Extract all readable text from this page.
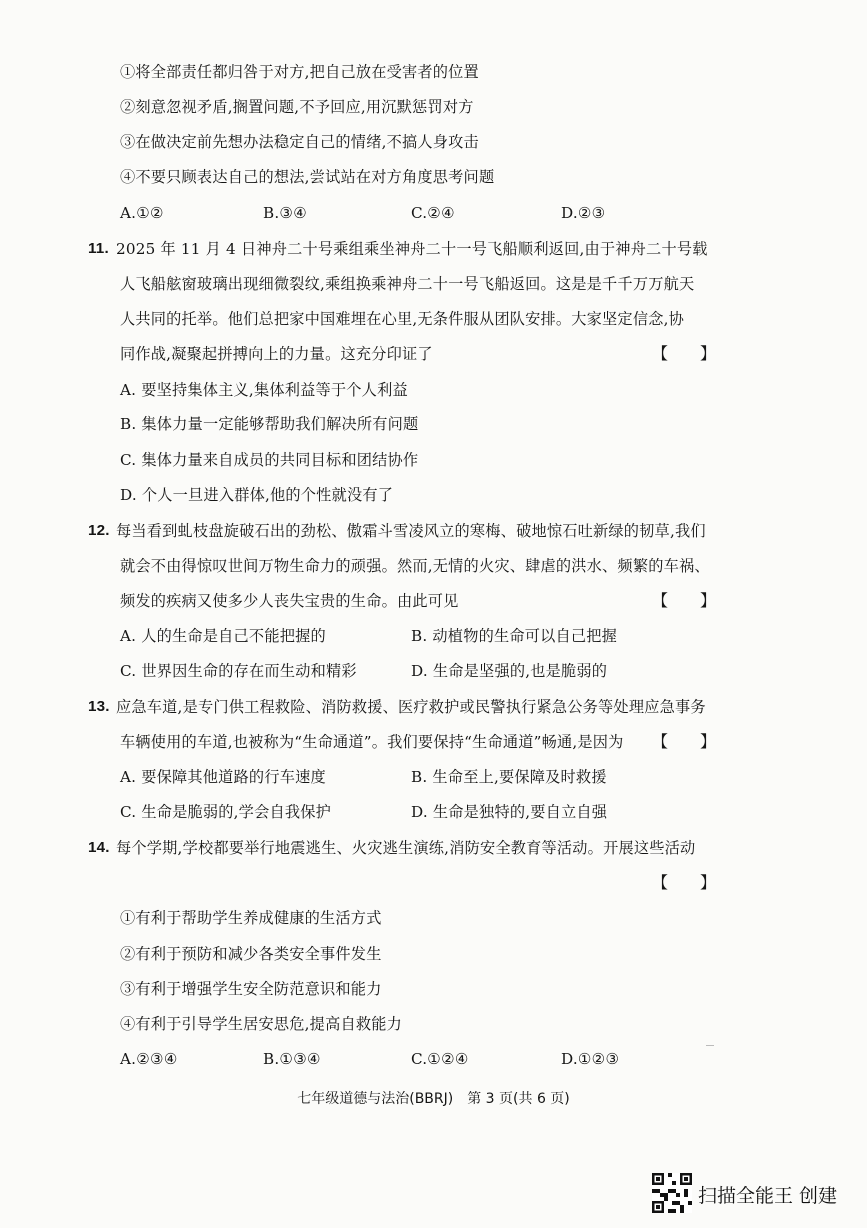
①将全部责任都归咎于对方,把自己放在受害者的位置
②刻意忽视矛盾,搁置问题,不予回应,用沉默惩罚对方
③在做决定前先想办法稳定自己的情绪,不搞人身攻击
④不要只顾表达自己的想法,尝试站在对方角度思考问题
A.①②	B.③④	C.②④	D.②③
11. 2025 年 11 月 4 日神舟二十号乘组乘坐神舟二十一号飞船顺利返回,由于神舟二十号载
人飞船舷窗玻璃出现细微裂纹,乘组换乘神舟二十一号飞船返回。这是是千千万万航天
人共同的托举。他们总把家中国难埋在心里,无条件服从团队安排。大家坚定信念,协
同作战,凝聚起拼搏向上的力量。这充分印证了	【　　】
A. 要坚持集体主义,集体利益等于个人利益
B. 集体力量一定能够帮助我们解决所有问题
C. 集体力量来自成员的共同目标和团结协作
D. 个人一旦进入群体,他的个性就没有了
12. 每当看到虬枝盘旋破石出的劲松、傲霜斗雪凌风立的寒梅、破地惊石吐新绿的韧草,我们
就会不由得惊叹世间万物生命力的顽强。然而,无情的火灾、肆虐的洪水、频繁的车祸、
频发的疾病又使多少人丧失宝贵的生命。由此可见	【　　】
A. 人的生命是自己不能把握的	B. 动植物的生命可以自己把握
C. 世界因生命的存在而生动和精彩	D. 生命是坚强的,也是脆弱的
13. 应急车道,是专门供工程救险、消防救援、医疗救护或民警执行紧急公务等处理应急事务
车辆使用的车道,也被称为“生命通道”。我们要保持“生命通道”畅通,是因为 【　　】
A. 要保障其他道路的行车速度	B. 生命至上,要保障及时救援
C. 生命是脆弱的,学会自我保护	D. 生命是独特的,要自立自强
14. 每个学期,学校都要举行地震逃生、火灾逃生演练,消防安全教育等活动。开展这些活动
【　　】
①有利于帮助学生养成健康的生活方式
②有利于预防和减少各类安全事件发生
③有利于增强学生安全防范意识和能力
④有利于引导学生居安思危,提高自救能力
A.②③④	B.①③④	C.①②④	D.①②③
七年级道德与法治(BBRJ)　第 3 页(共 6 页)
扫描全能王 创建
